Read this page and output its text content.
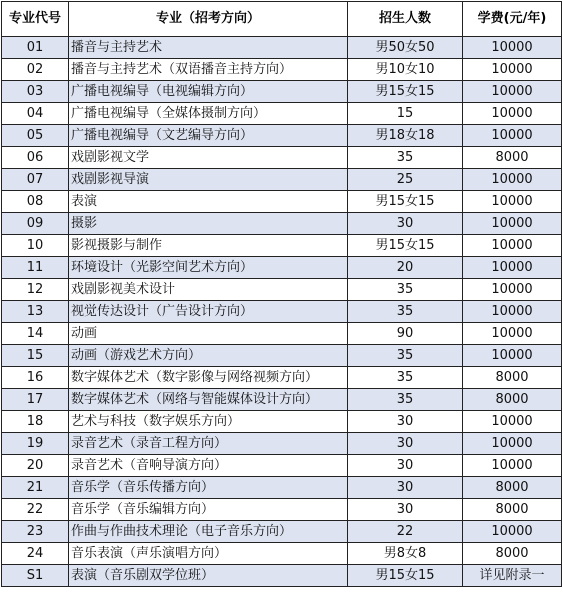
专业代号	专业（招考方向）	招生人数	学费(元/年)
01	播音与主持艺术	男50女50	10000
02	播音与主持艺术（双语播音主持方向）	男10女10	10000
03	广播电视编导（电视编辑方向）	男15女15	10000
04	广播电视编导（全媒体摄制方向）	15	10000
05	广播电视编导（文艺编导方向）	男18女18	10000
06	戏剧影视文学	35	8000
07	戏剧影视导演	25	10000
08	表演	男15女15	10000
09	摄影	30	10000
10	影视摄影与制作	男15女15	10000
11	环境设计（光影空间艺术方向）	20	10000
12	戏剧影视美术设计	35	10000
13	视觉传达设计（广告设计方向）	35	10000
14	动画	90	10000
15	动画（游戏艺术方向）	35	10000
16	数字媒体艺术（数字影像与网络视频方向）	35	8000
17	数字媒体艺术（网络与智能媒体设计方向）	35	8000
18	艺术与科技（数字娱乐方向）	30	10000
19	录音艺术（录音工程方向）	30	10000
20	录音艺术（音响导演方向）	30	10000
21	音乐学（音乐传播方向）	30	8000
22	音乐学（音乐编辑方向）	30	8000
23	作曲与作曲技术理论（电子音乐方向）	22	10000
24	音乐表演（声乐演唱方向）	男8女8	8000
S1	表演（音乐剧双学位班）	男15女15	详见附录一
